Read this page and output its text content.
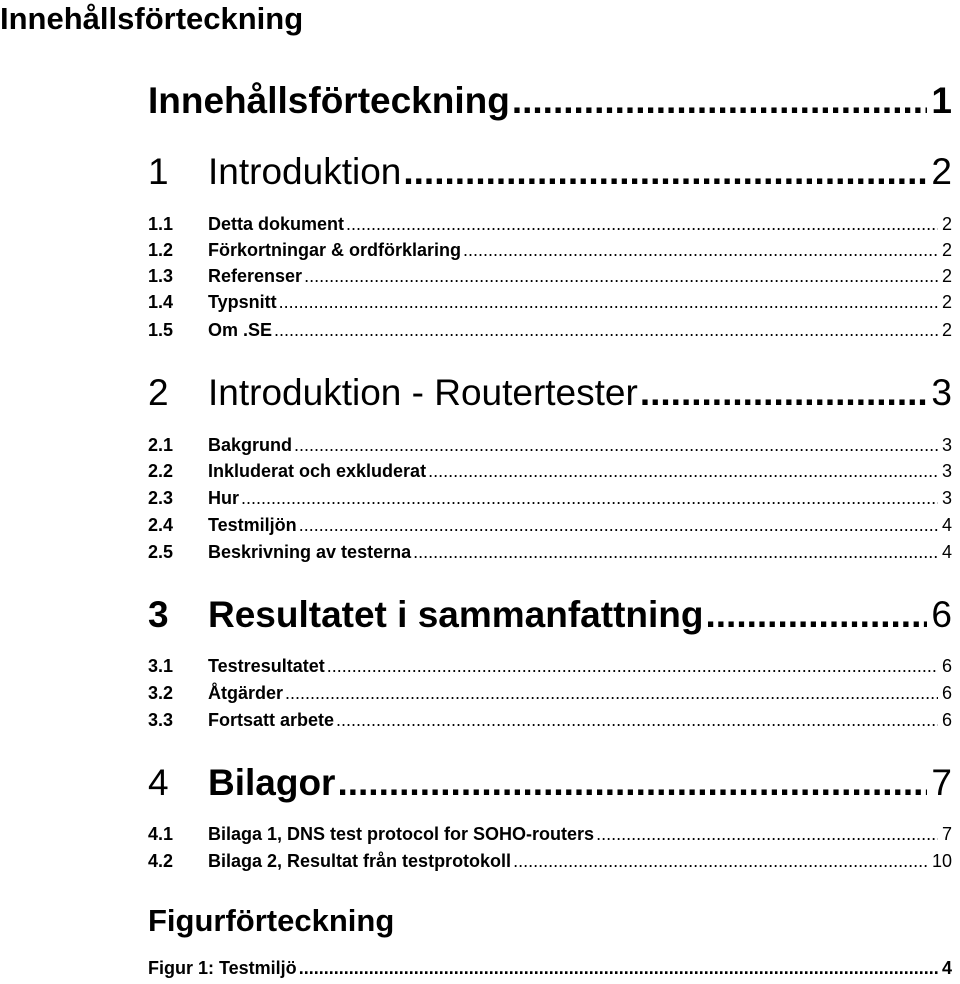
Innehållsförteckning
Innehållsförteckning .....	1
1	Introduktion .....	2
1.1	Detta dokument .....	2
1.2	Förkortningar & ordförklaring .....	2
1.3	Referenser .....	2
1.4	Typsnitt .....	2
1.5	Om .SE .....	2
2	Introduktion - Routertester .....	3
2.1	Bakgrund .....	3
2.2	Inkluderat och exkluderat .....	3
2.3	Hur .....	3
2.4	Testmiljön .....	4
2.5	Beskrivning av testerna .....	4
3	Resultatet i sammanfattning .....	6
3.1	Testresultatet .....	6
3.2	Åtgärder .....	6
3.3	Fortsatt arbete .....	6
4	Bilagor .....	7
4.1	Bilaga 1, DNS test protocol for SOHO-routers .....	7
4.2	Bilaga 2, Resultat från testprotokoll .....	10
Figurförteckning
Figur 1: Testmiljö .....	4
